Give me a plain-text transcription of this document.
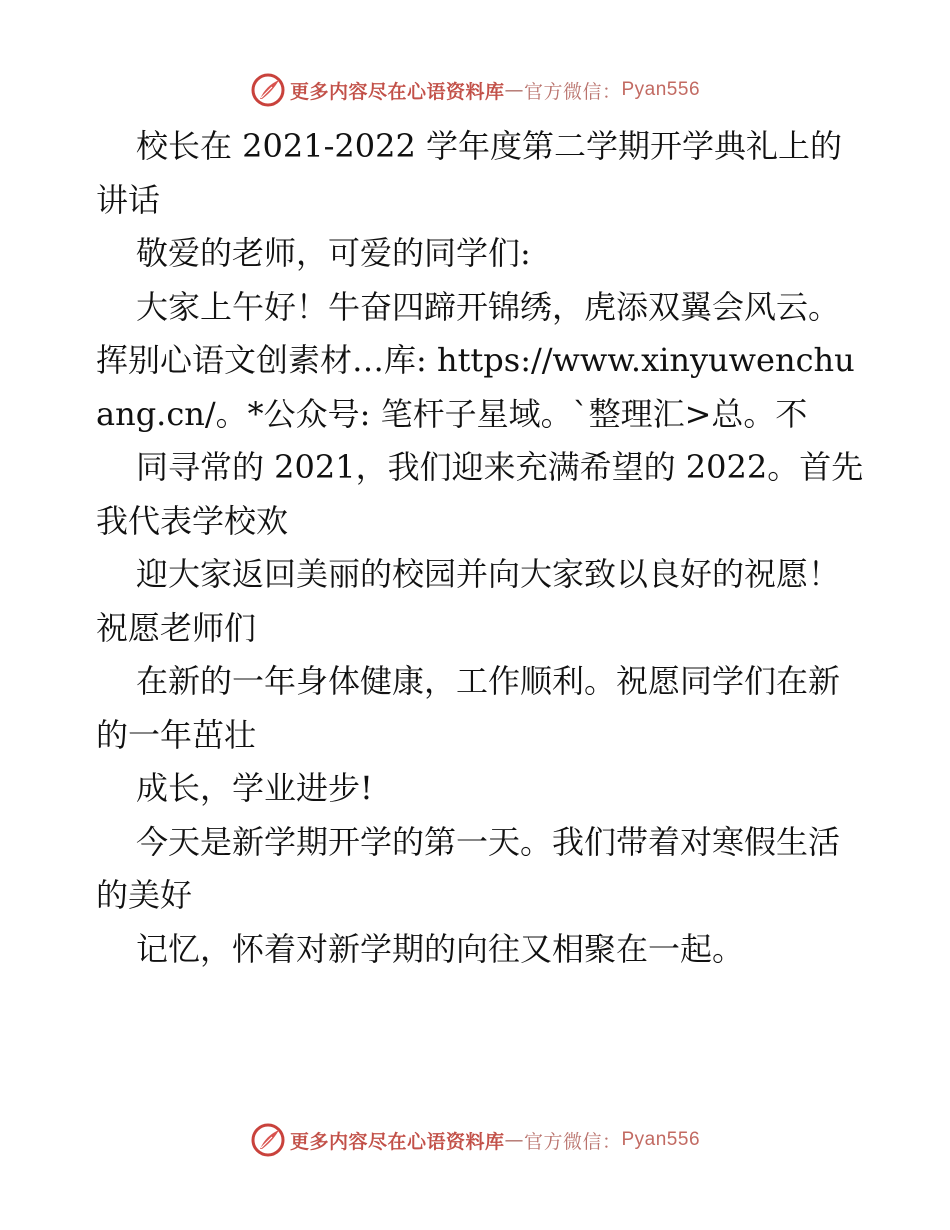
更多内容尽在心语资料库 — 官方微信： Pyan556

校长在 2021-2022 学年度第二学期开学典礼上的讲话

敬爱的老师，可爱的同学们:

大家上午好！牛奋四蹄开锦绣，虎添双翼会风云。挥别心语文创素材…库: https://www.xinyuwenchuang.cn/。*公众号: 笔杆子星域。`整理汇>总。不

同寻常的 2021，我们迎来充满希望的 2022。首先我代表学校欢

迎大家返回美丽的校园并向大家致以良好的祝愿！祝愿老师们

在新的一年身体健康，工作顺利。祝愿同学们在新的一年茁壮

成长，学业进步!

今天是新学期开学的第一天。我们带着对寒假生活的美好

记忆，怀着对新学期的向往又相聚在一起。

更多内容尽在心语资料库 — 官方微信： Pyan556
